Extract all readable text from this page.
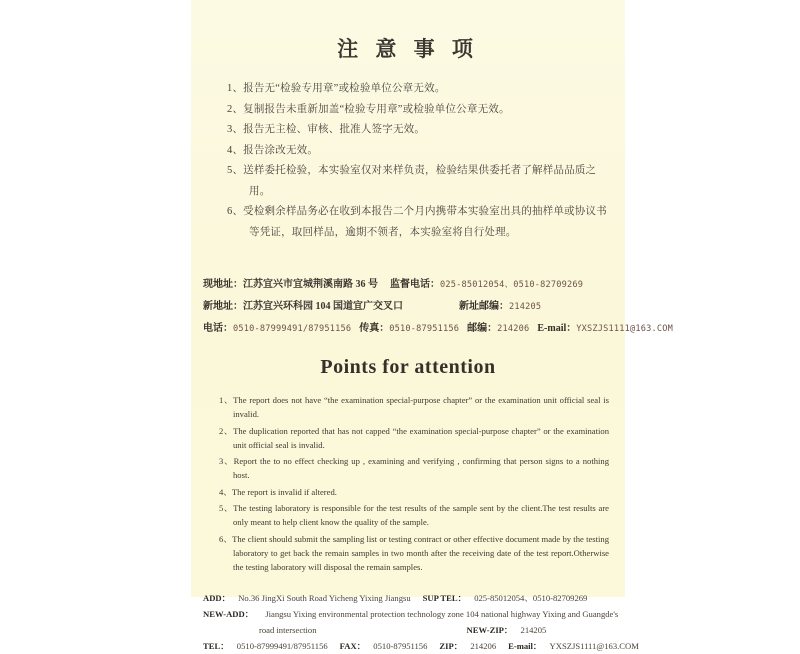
注 意 事 项
1、报告无“检验专用章”或检验单位公章无效。
2、复制报告未重新加盖“检验专用章”或检验单位公章无效。
3、报告无主检、审核、批准人签字无效。
4、报告涂改无效。
5、送样委托检验，本实验室仅对来样负责，检验结果供委托者了解样品品质之用。
6、受检剩余样品务必在收到本报告二个月内携带本实验室出具的抽样单或协议书等凭证，取回样品，逾期不领者，本实验室将自行处理。
现地址： 江苏宜兴市宜城荆溪南路 36 号 监督电话： 025-85012054、0510-82709269
新地址： 江苏宜兴环科园 104 国道宜广交叉口	新址邮编： 214205
电话： 0510-87999491/87951156 传真： 0510-87951156 邮编： 214206 E-mail： YXSZJS1111@163.COM
Points for attention
1、The report does not have “the examination special-purpose chapter” or the examination unit official seal is invalid.
2、The duplication reported that has not capped “the examination special-purpose chapter” or the examination unit official seal is invalid.
3、Report the to no effect checking up , examining and verifying , confirming that person signs to a nothing host.
4、The report is invalid if altered.
5、The testing laboratory is responsible for the test results of the sample sent by the client.The test results are only meant to help client know the quality of the sample.
6、The client should submit the sampling list or testing contract or other effective document made by the testing laboratory to get back the remain samples in two month after the receiving date of the test report.Otherwise the testing laboratory will disposal the remain samples.
ADD： No.36 JingXi South Road Yicheng Yixing Jiangsu SUP TEL： 025-85012054、0510-82709269
NEW-ADD： Jiangsu Yixing environmental protection technology zone 104 national highway Yixing and Guangde's
road intersection	NEW-ZIP： 214205
TEL： 0510-87999491/87951156 FAX： 0510-87951156 ZIP： 214206 E-mail： YXSZJS1111@163.COM
